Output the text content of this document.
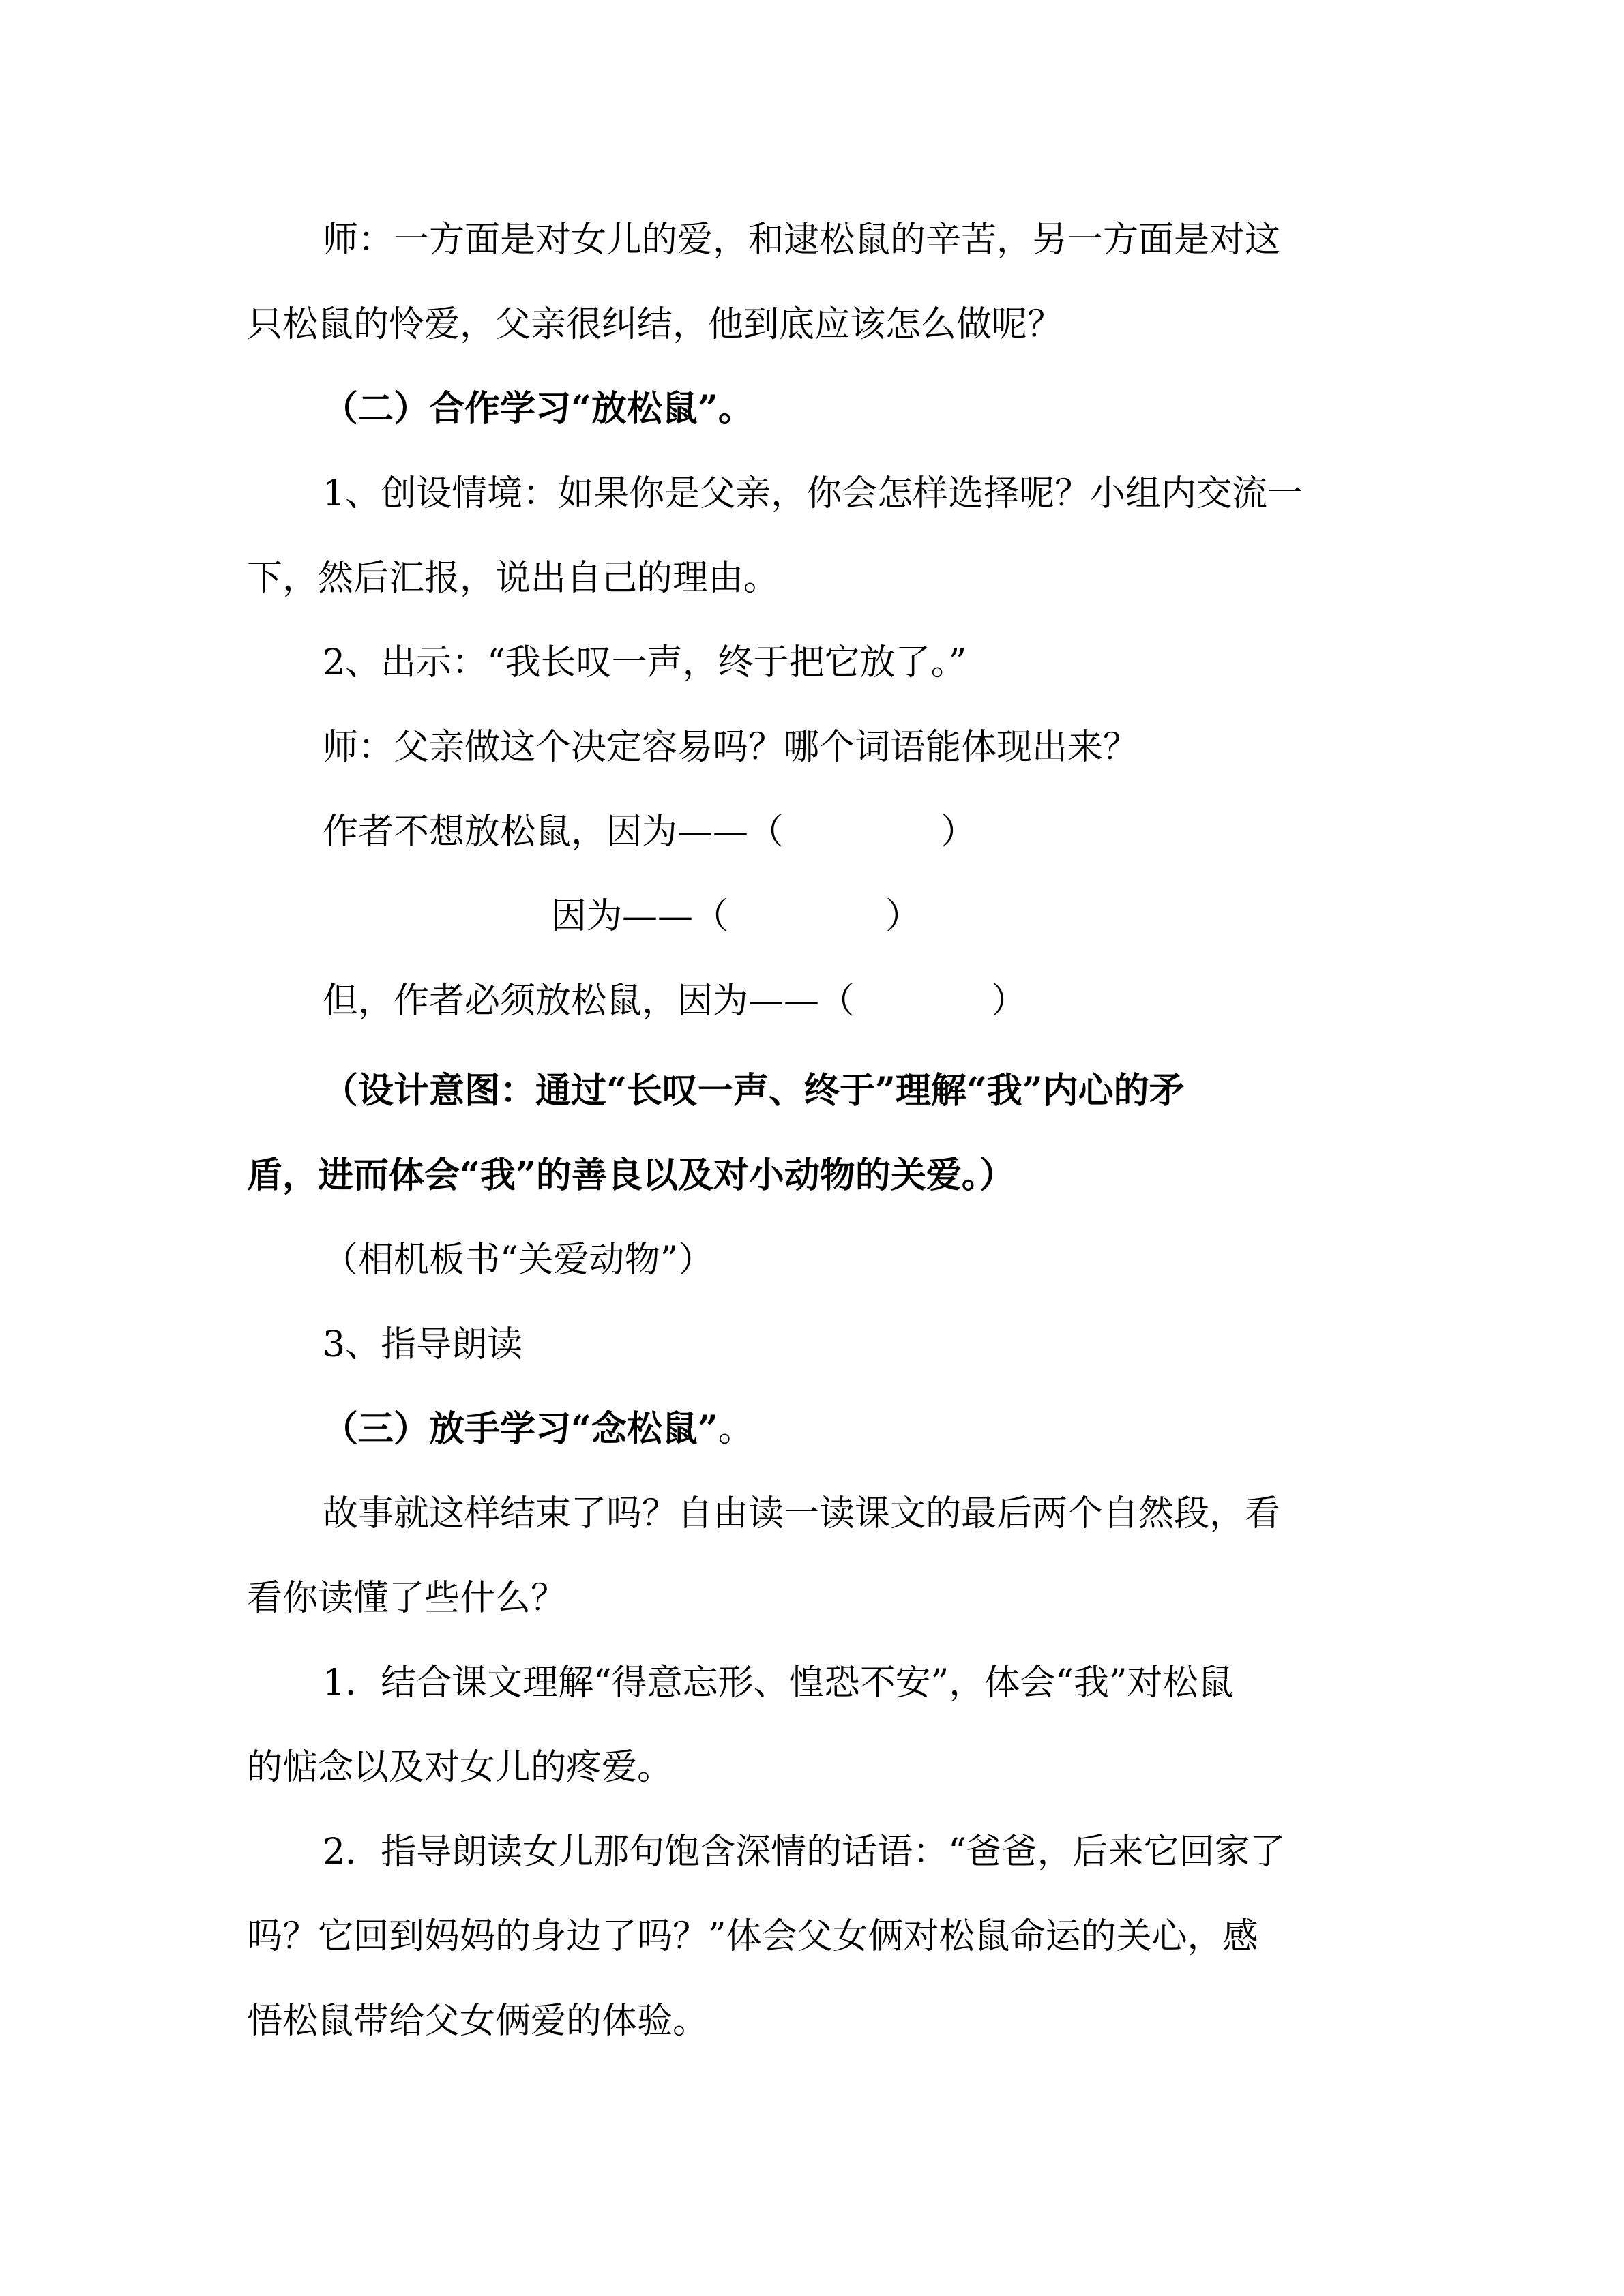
师：一方面是对女儿的爱，和逮松鼠的辛苦，另一方面是对这
只松鼠的怜爱，父亲很纠结，他到底应该怎么做呢？
（二）合作学习“放松鼠”。
1、创设情境：如果你是父亲，你会怎样选择呢？小组内交流一
下，然后汇报，说出自己的理由。
2、出示：“我长叹一声，终于把它放了。”
师：父亲做这个决定容易吗？哪个词语能体现出来？
作者不想放松鼠，因为——（	）
因为——（	）
但，作者必须放松鼠，因为——（	）
（设计意图：通过“长叹一声、终于”理解“我”内心的矛
盾，进而体会“我”的善良以及对小动物的关爱。）
（相机板书“关爱动物”）
3、指导朗读
（三）放手学习“念松鼠”。
故事就这样结束了吗？自由读一读课文的最后两个自然段，看
看你读懂了些什么？
1．结合课文理解“得意忘形、惶恐不安”，体会“我”对松鼠
的惦念以及对女儿的疼爱。
2．指导朗读女儿那句饱含深情的话语：“爸爸，后来它回家了
吗？它回到妈妈的身边了吗？”体会父女俩对松鼠命运的关心，感
悟松鼠带给父女俩爱的体验。
